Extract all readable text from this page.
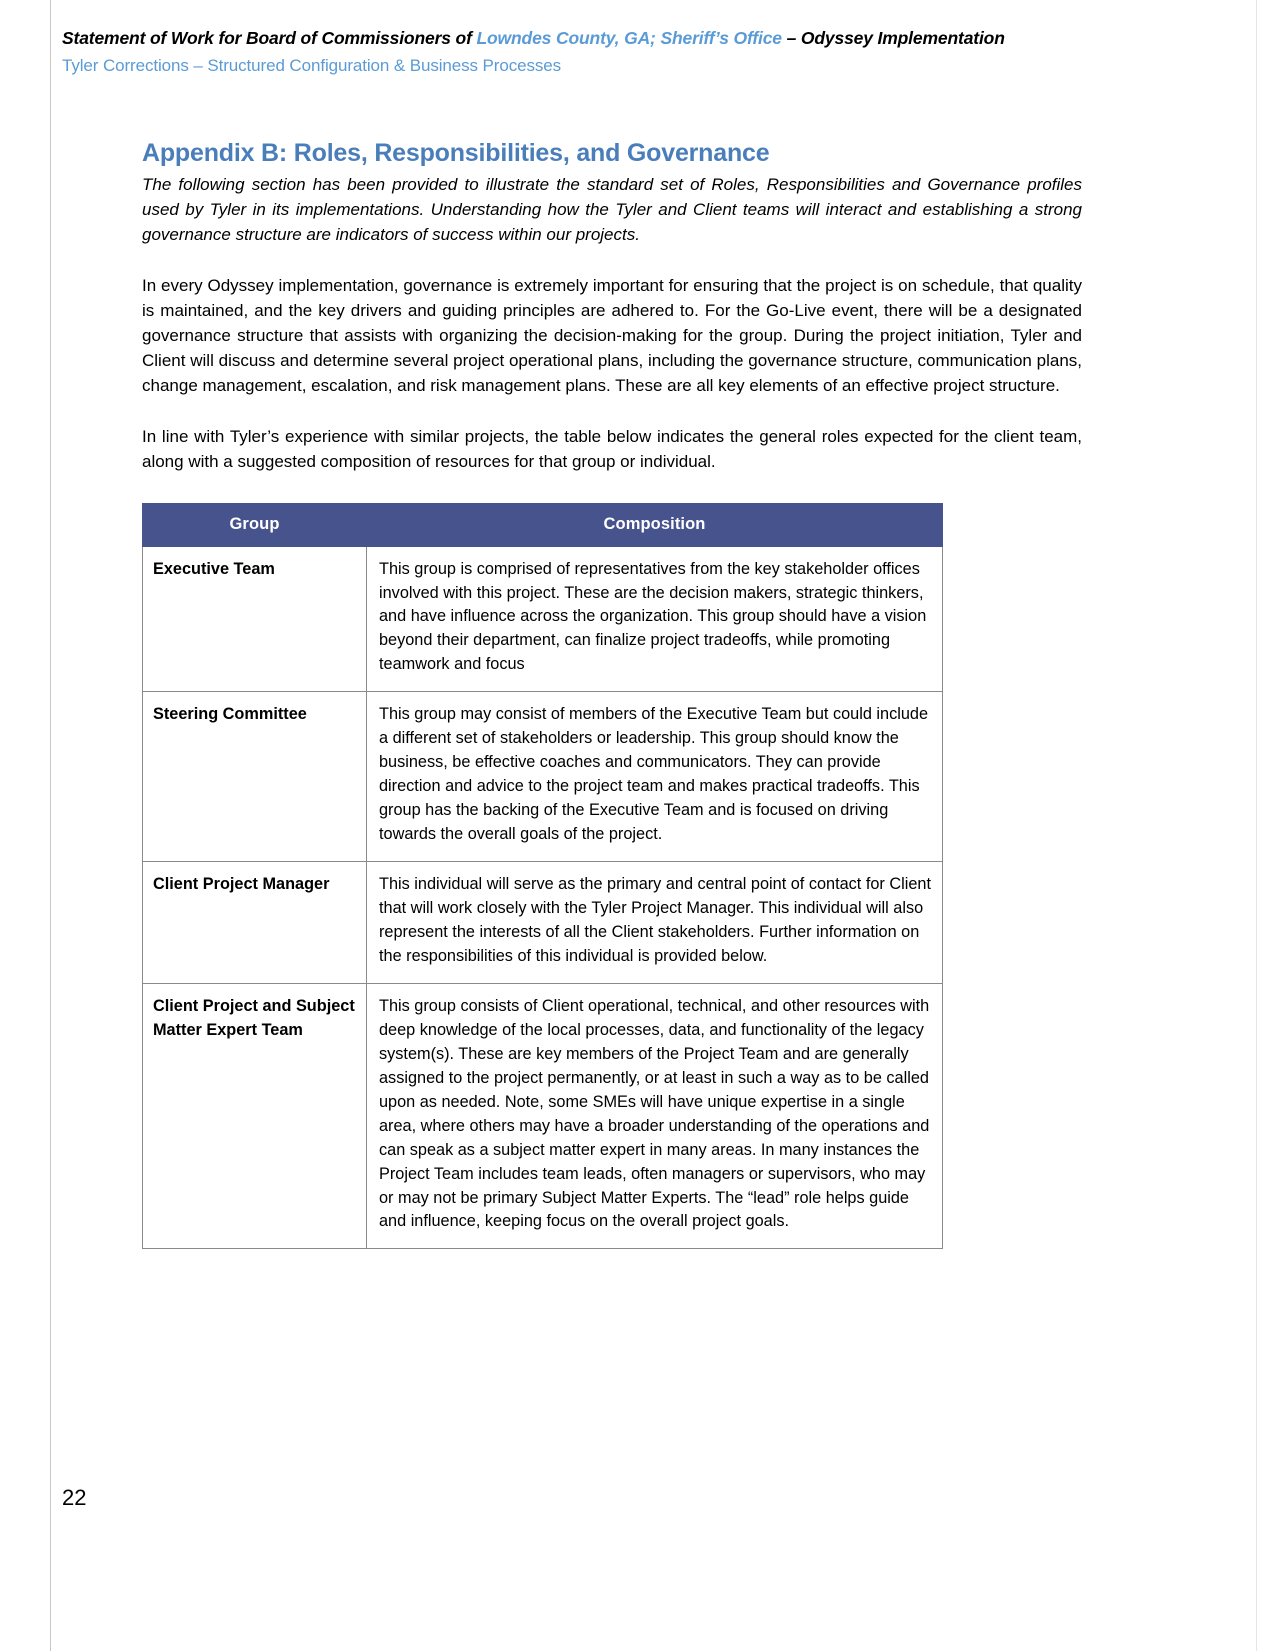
Statement of Work for Board of Commissioners of Lowndes County, GA; Sheriff’s Office – Odyssey Implementation
Tyler Corrections – Structured Configuration & Business Processes
Appendix B: Roles, Responsibilities, and Governance

The following section has been provided to illustrate the standard set of Roles, Responsibilities and Governance profiles used by Tyler in its implementations. Understanding how the Tyler and Client teams will interact and establishing a strong governance structure are indicators of success within our projects.

In every Odyssey implementation, governance is extremely important for ensuring that the project is on schedule, that quality is maintained, and the key drivers and guiding principles are adhered to. For the Go-Live event, there will be a designated governance structure that assists with organizing the decision-making for the group. During the project initiation, Tyler and Client will discuss and determine several project operational plans, including the governance structure, communication plans, change management, escalation, and risk management plans. These are all key elements of an effective project structure.

In line with Tyler’s experience with similar projects, the table below indicates the general roles expected for the client team, along with a suggested composition of resources for that group or individual.

Group	Composition
Executive Team	This group is comprised of representatives from the key stakeholder offices involved with this project. These are the decision makers, strategic thinkers, and have influence across the organization. This group should have a vision beyond their department, can finalize project tradeoffs, while promoting teamwork and focus
Steering Committee	This group may consist of members of the Executive Team but could include a different set of stakeholders or leadership. This group should know the business, be effective coaches and communicators. They can provide direction and advice to the project team and makes practical tradeoffs. This group has the backing of the Executive Team and is focused on driving towards the overall goals of the project.
Client Project Manager	This individual will serve as the primary and central point of contact for Client that will work closely with the Tyler Project Manager. This individual will also represent the interests of all the Client stakeholders. Further information on the responsibilities of this individual is provided below.
Client Project and Subject Matter Expert Team	This group consists of Client operational, technical, and other resources with deep knowledge of the local processes, data, and functionality of the legacy system(s). These are key members of the Project Team and are generally assigned to the project permanently, or at least in such a way as to be called upon as needed. Note, some SMEs will have unique expertise in a single area, where others may have a broader understanding of the operations and can speak as a subject matter expert in many areas. In many instances the Project Team includes team leads, often managers or supervisors, who may or may not be primary Subject Matter Experts. The “lead” role helps guide and influence, keeping focus on the overall project goals.
22
